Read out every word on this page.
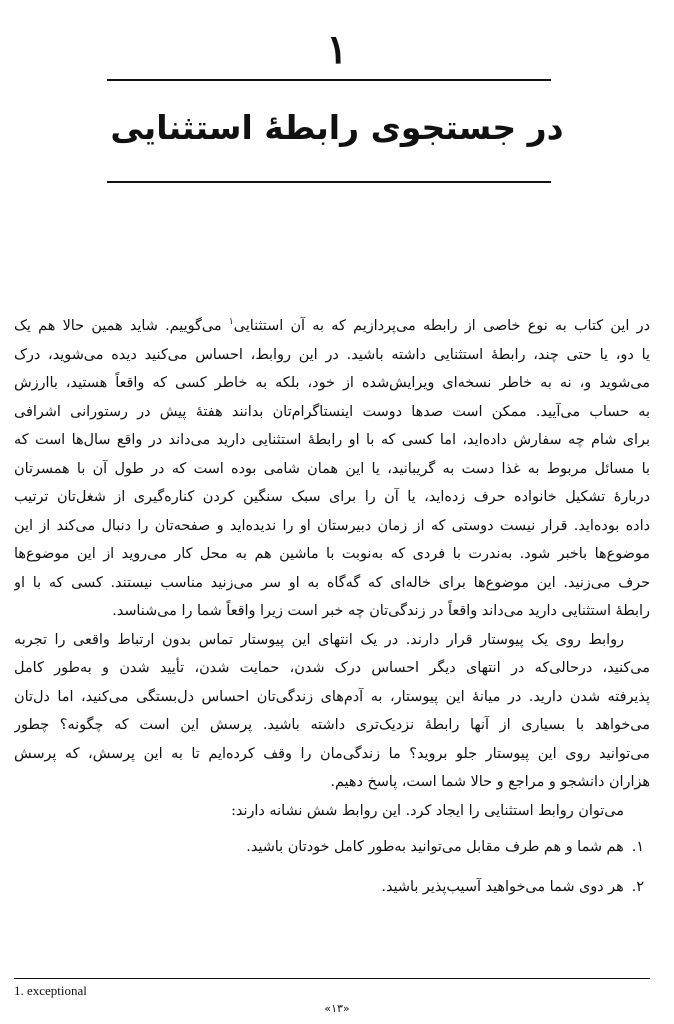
۱
در جستجوی رابطهٔ استثنایی
در این کتاب به نوع خاصی از رابطه می‌پردازیم که به آن استثنایی$^۱$ می‌گوییم. شاید همین حالا هم یک
یا دو، یا حتی چند، رابطهٔ استثنایی داشته باشید. در این روابط، احساس می‌کنید دیده می‌شوید، درک
می‌شوید و، نه به خاطر نسخه‌ای ویرایش‌شده از خود، بلکه به خاطر کسی که واقعاً هستید، باارزش
به حساب می‌آیید. ممکن است صدها دوست اینستاگرام‌تان بدانند هفتهٔ پیش در رستورانی اشرافی
برای شام چه سفارش داده‌اید، اما کسی که با او رابطهٔ استثنایی دارید می‌داند در واقع سال‌ها است که
با مسائل مربوط به غذا دست به گریبانید، یا این همان شامی بوده است که در طول آن با همسرتان
دربارهٔ تشکیل خانواده حرف زده‌اید، یا آن را برای سبک سنگین کردن کناره‌گیری از شغل‌تان ترتیب
داده بوده‌اید. قرار نیست دوستی که از زمان دبیرستان او را ندیده‌اید و صفحه‌تان را دنبال می‌کند از این
موضوع‌ها باخبر شود. به‌ندرت با فردی که به‌نوبت با ماشین هم به محل کار می‌روید از این موضوع‌ها
حرف می‌زنید. این موضوع‌ها برای خاله‌ای که گه‌گاه به او سر می‌زنید مناسب نیستند. کسی که با او
رابطهٔ استثنایی دارید می‌داند واقعاً در زندگی‌تان چه خبر است زیرا واقعاً شما را می‌شناسد.
روابط روی یک پیوستار قرار دارند. در یک انتهای این پیوستار تماس بدون ارتباط واقعی را تجربه
می‌کنید، درحالی‌که در انتهای دیگر احساس درک شدن، حمایت شدن، تأیید شدن و به‌طور کامل
پذیرفته شدن دارید. در میانهٔ این پیوستار، به آدم‌های زندگی‌تان احساس دل‌بستگی می‌کنید، اما دل‌تان
می‌خواهد با بسیاری از آنها رابطهٔ نزدیک‌تری داشته باشید. پرسش این است که چگونه؟ چطور
می‌توانید روی این پیوستار جلو بروید؟ ما زندگی‌مان را وقف کرده‌ایم تا به این پرسش، که پرسش
هزاران دانشجو و مراجع و حالا شما است، پاسخ دهیم.
می‌توان روابط استثنایی را ایجاد کرد. این روابط شش نشانه دارند:
۱.هم شما و هم طرف مقابل می‌توانید به‌طور کامل خودتان باشید.
۲.هر دوی شما می‌خواهید آسیب‌پذیر باشید.
1. exceptional
«۱۳»
